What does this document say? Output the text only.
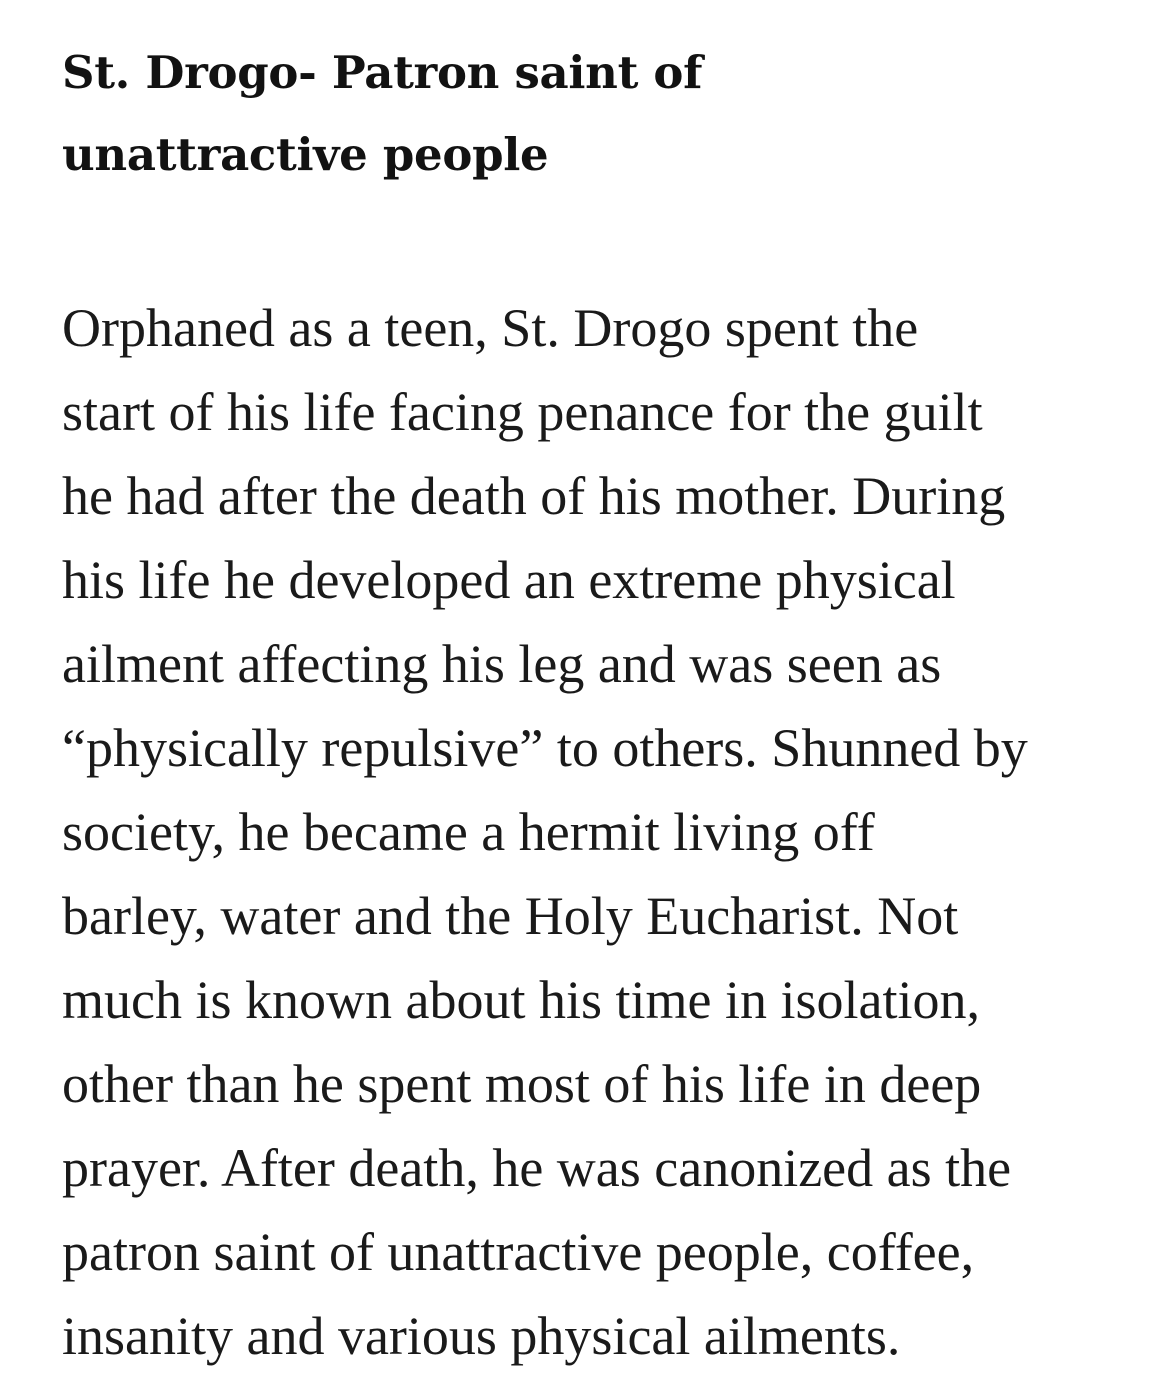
St. Drogo- Patron saint of
unattractive people

Orphaned as a teen, St. Drogo spent the
start of his life facing penance for the guilt
he had after the death of his mother. During
his life he developed an extreme physical
ailment affecting his leg and was seen as
“physically repulsive” to others. Shunned by
society, he became a hermit living off
barley, water and the Holy Eucharist. Not
much is known about his time in isolation,
other than he spent most of his life in deep
prayer. After death, he was canonized as the
patron saint of unattractive people, coffee,
insanity and various physical ailments.
